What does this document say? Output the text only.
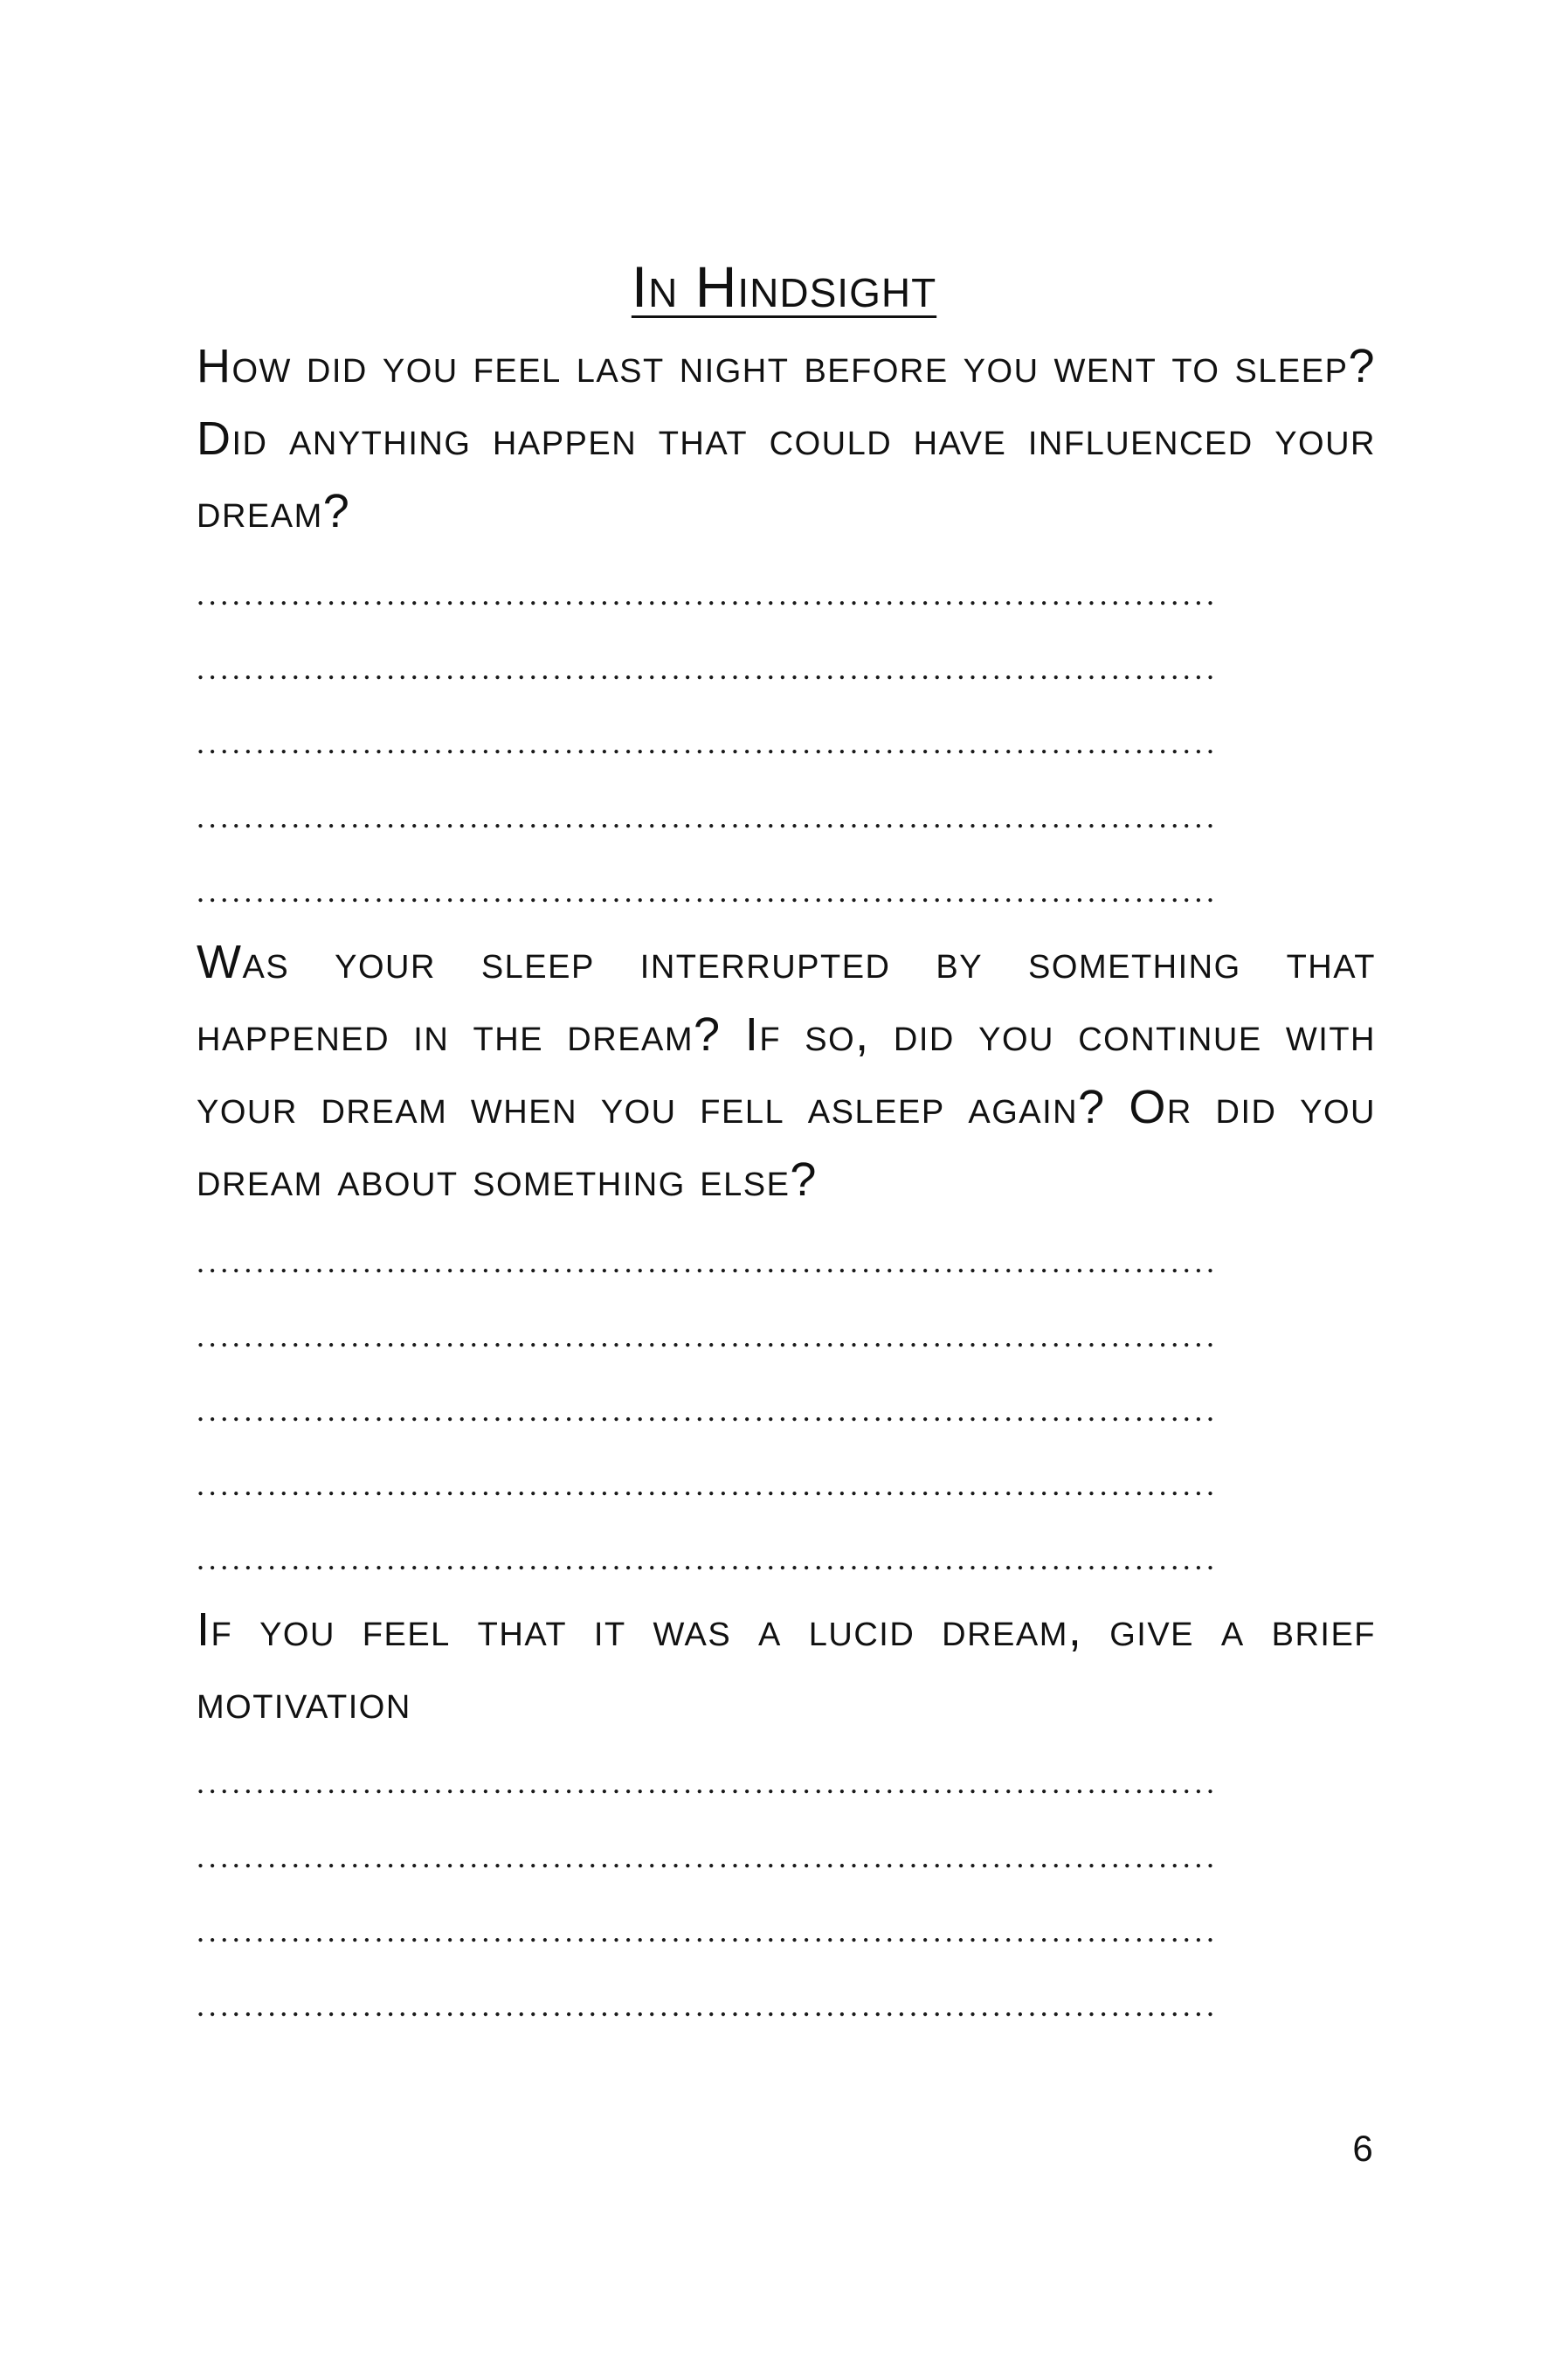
In Hindsight
How did you feel last night before you went to sleep? Did anything happen that could have influenced your dream?
......................................................................................
......................................................................................
......................................................................................
......................................................................................
......................................................................................
Was your sleep interrupted by something that happened in the dream? If so, did you continue with your dream when you fell asleep again? Or did you dream about something else?
......................................................................................
......................................................................................
......................................................................................
......................................................................................
......................................................................................
If you feel that it was a lucid dream, give a brief motivation
......................................................................................
......................................................................................
......................................................................................
......................................................................................
6
